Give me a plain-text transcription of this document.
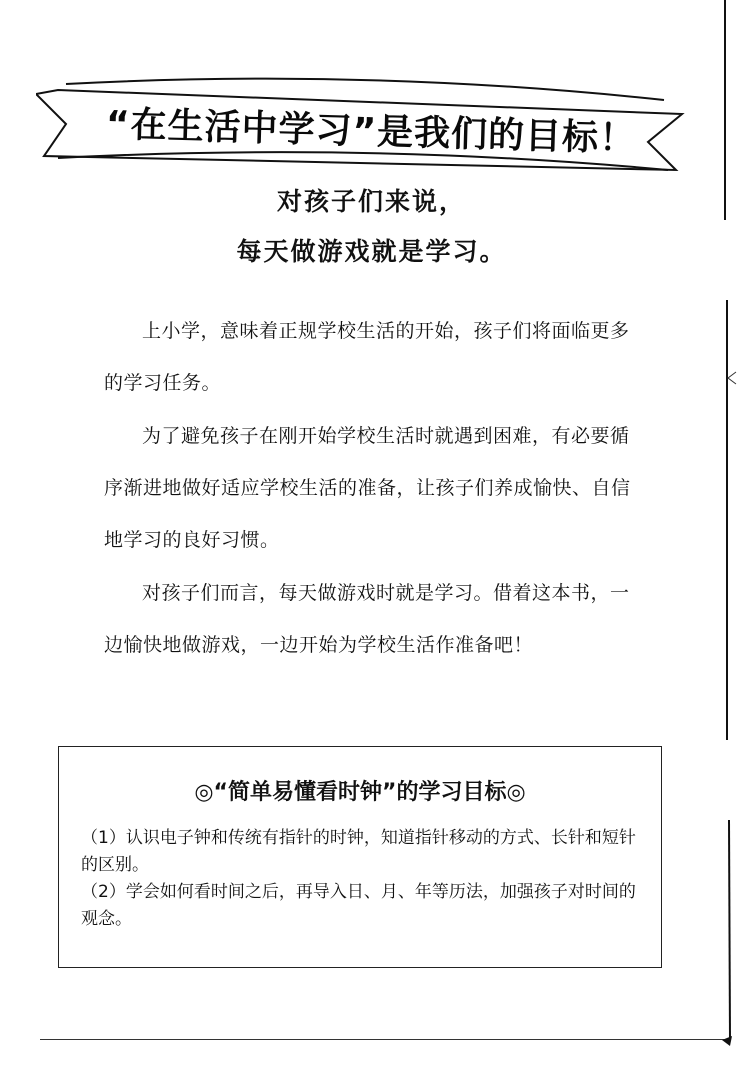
“在生活中学习”是我们的目标！
对孩子们来说，
每天做游戏就是学习。
上小学，意味着正规学校生活的开始，孩子们将面临更多的学习任务。
为了避免孩子在刚开始学校生活时就遇到困难，有必要循序渐进地做好适应学校生活的准备，让孩子们养成愉快、自信地学习的良好习惯。
对孩子们而言，每天做游戏时就是学习。借着这本书，一边愉快地做游戏，一边开始为学校生活作准备吧！
◎“简单易懂看时钟”的学习目标◎
（1）认识电子钟和传统有指针的时钟，知道指针移动的方式、长针和短针的区别。
（2）学会如何看时间之后，再导入日、月、年等历法，加强孩子对时间的观念。
